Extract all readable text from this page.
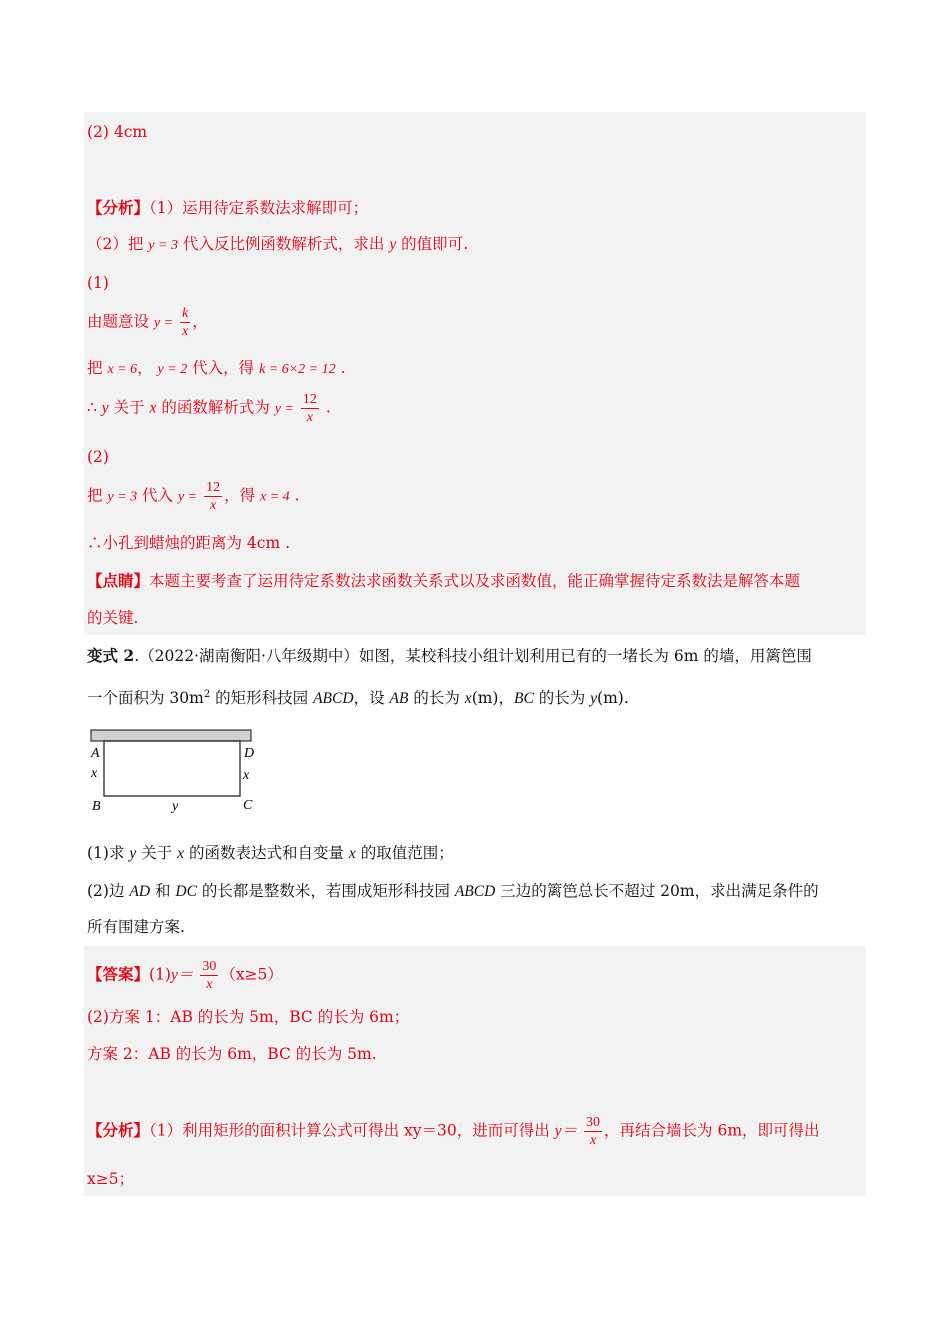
(2) 4cm
【分析】（1）运用待定系数法求解即可；
（2）把 y = 3 代入反比例函数解析式，求出 y 的值即可.
(1)
由题意设 $y = \frac{k}{x}$ ，
把 x = 6， y = 2 代入，得 k = 6×2 = 12 .
∴ y 关于 x 的函数解析式为 $y = \frac{12}{x}$ .
(2)
把 y = 3 代入 $y = \frac{12}{x}$ ，得 x = 4 .
∴小孔到蜡烛的距离为 4cm .
【点睛】本题主要考查了运用待定系数法求函数关系式以及求函数值，能正确掌握待定系数法是解答本题
的关键.
变式 2.（2022·湖南衡阳·八年级期中）如图，某校科技小组计划利用已有的一堵长为 6m 的墙，用篱笆围
一个面积为 $30m^2$ 的矩形科技园 ABCD，设 AB 的长为 x(m)，BC 的长为 y(m).
A	D
x	x
B	y	C
(1)求 y 关于 x 的函数表达式和自变量 x 的取值范围；
(2)边 AD 和 DC 的长都是整数米，若围成矩形科技园 ABCD 三边的篱笆总长不超过 20m，求出满足条件的
所有围建方案.
【答案】$(1)y= \frac{30}{x} (x\ge 5)$
(2)方案 1：AB 的长为 5m，BC 的长为 6m；
方案 2：AB 的长为 6m，BC 的长为 5m.
【分析】（1）利用矩形的面积计算公式可得出 xy＝30，进而可得出 $y= \frac{30}{x}$ ，再结合墙长为 6m，即可得出
x≥5；
